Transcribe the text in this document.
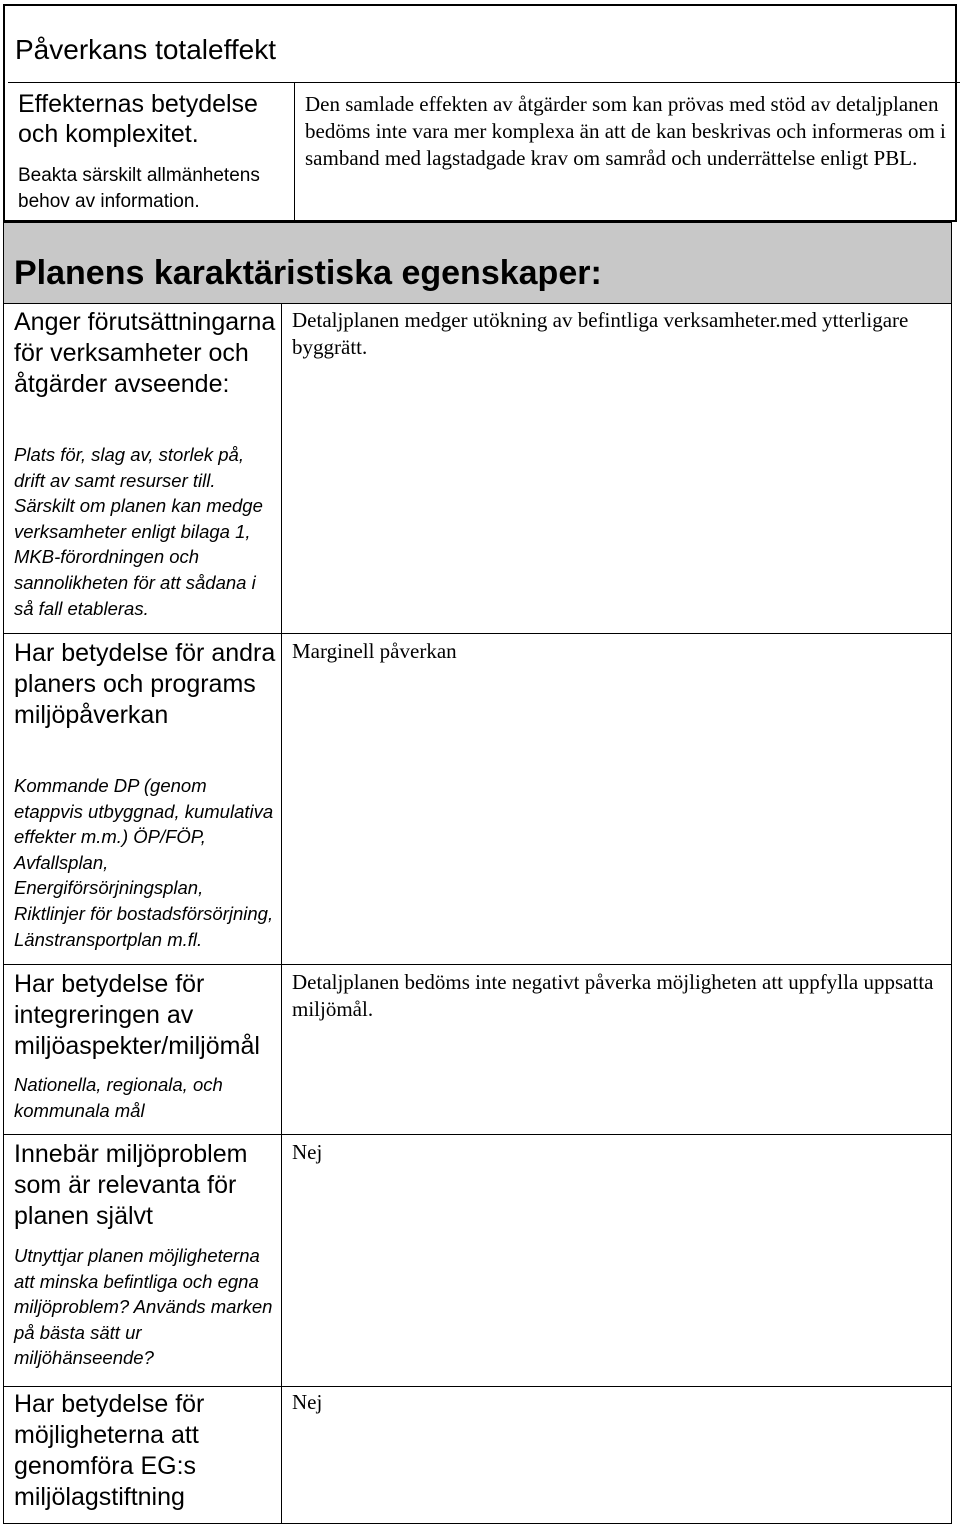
Påverkans totaleffekt
Effekternas betydelse och komplexitet.
Beakta särskilt allmänhetens behov av information.
Den samlade effekten av åtgärder som kan prövas med stöd av detaljplanen bedöms inte vara mer komplexa än att de kan beskrivas och informeras om i samband med lagstadgade krav om samråd och underrättelse enligt PBL.
Planens karaktäristiska egenskaper:
Anger förutsättningarna för verksamheter och åtgärder avseende:
Plats för, slag av, storlek på, drift av samt resurser till. Särskilt om planen kan medge verksamheter enligt bilaga 1, MKB-förordningen och sannolikheten för att sådana i så fall etableras.
Detaljplanen medger utökning av befintliga verksamheter.med ytterligare byggrätt.
Har betydelse för andra planers och programs miljöpåverkan
Kommande DP (genom etappvis utbyggnad, kumulativa effekter m.m.) ÖP/FÖP, Avfallsplan, Energiförsörjningsplan, Riktlinjer för bostadsförsörjning, Länstransportplan m.fl.
Marginell påverkan
Har betydelse för integreringen av miljöaspekter/miljömål
Nationella, regionala, och kommunala mål
Detaljplanen bedöms inte negativt påverka möjligheten att uppfylla uppsatta miljömål.
Innebär miljöproblem som är relevanta för planen självt
Utnyttjar planen möjligheterna att minska befintliga och egna miljöproblem? Används marken på bästa sätt ur miljöhänseende?
Nej
Har betydelse för möjligheterna att genomföra EG:s miljölagstiftning
Nej
